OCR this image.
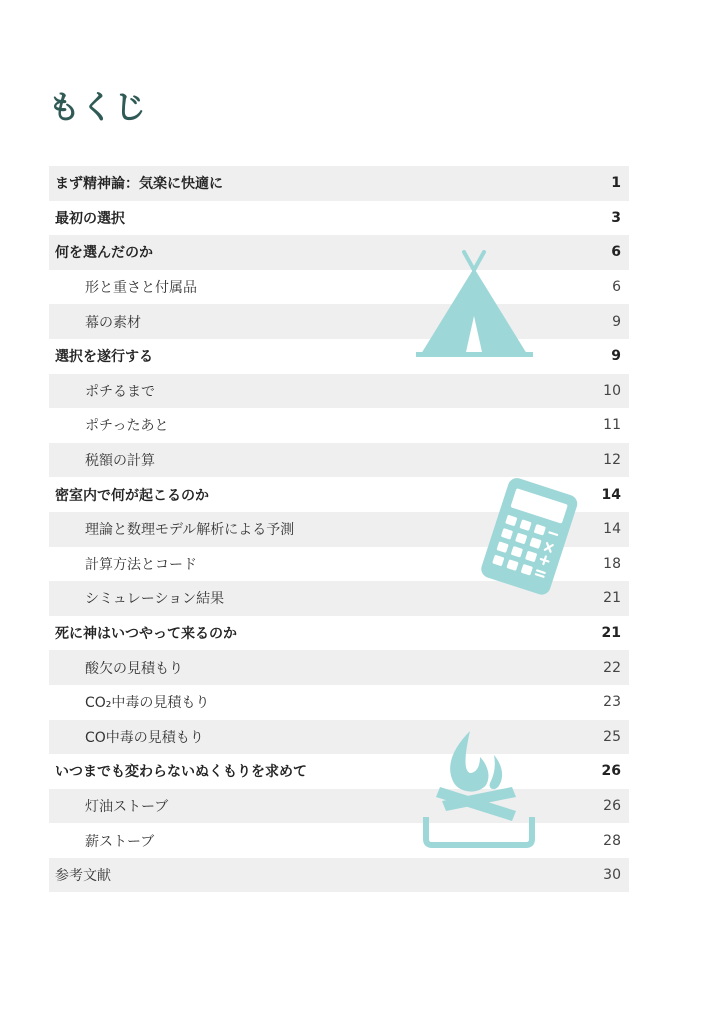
もくじ
まず精神論：気楽に快適に	1
最初の選択	3
何を選んだのか	6
形と重さと付属品	6
幕の素材	9
選択を遂行する	9
ポチるまで	10
ポチったあと	11
税額の計算	12
密室内で何が起こるのか	14
理論と数理モデル解析による予測	14
計算方法とコード	18
シミュレーション結果	21
死に神はいつやって来るのか	21
酸欠の見積もり	22
CO₂中毒の見積もり	23
CO中毒の見積もり	25
いつまでも変わらないぬくもりを求めて	26
灯油ストーブ	26
薪ストーブ	28
参考文献	30
